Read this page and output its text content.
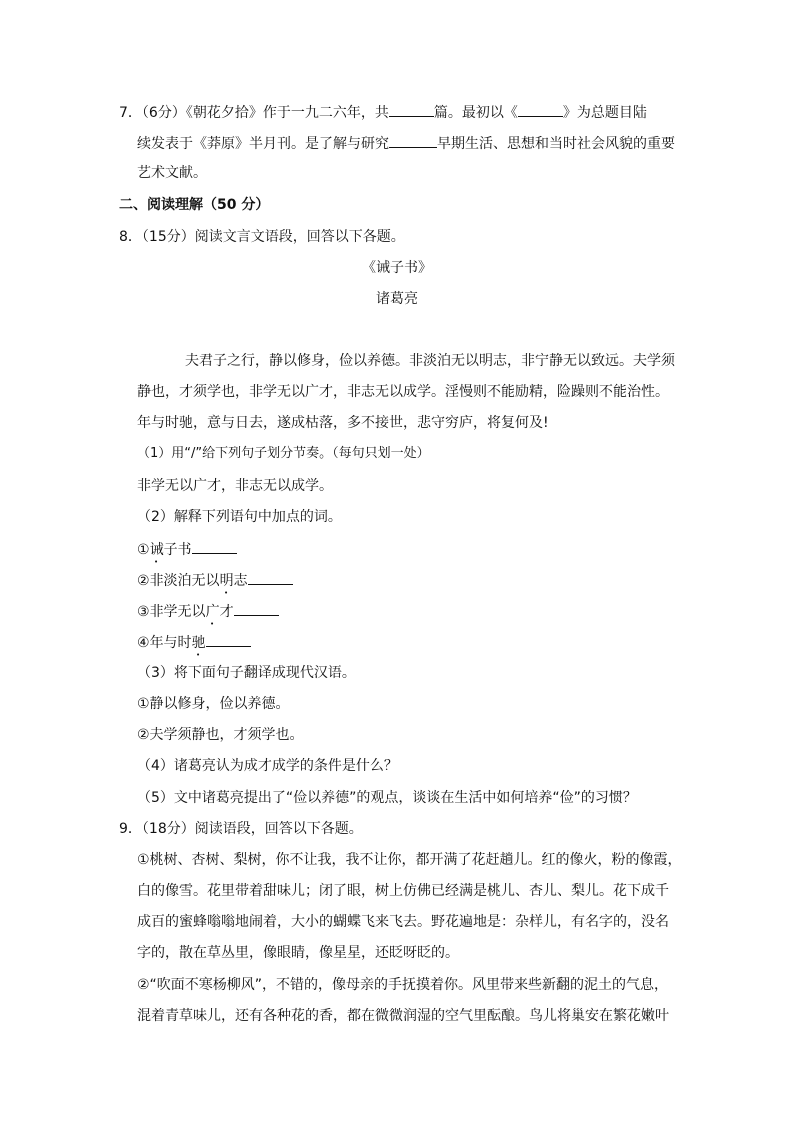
7．（6分）《朝花夕拾》作于一九二六年，共	篇。最初以《	》为总题目陆
续发表于《莽原》半月刊。是了解与研究	早期生活、思想和当时社会风貌的重要
艺术文献。
二、阅读理解（50 分）
8．（15分）阅读文言文语段，回答以下各题。
《诫子书》
诸葛亮
夫君子之行，静以修身，俭以养德。非淡泊无以明志，非宁静无以致远。夫学须
静也，才须学也，非学无以广才，非志无以成学。淫慢则不能励精，险躁则不能治性。
年与时驰，意与日去，遂成枯落，多不接世，悲守穷庐，将复何及!
（1）用“/”给下列句子划分节奏。（每句只划一处）
非学无以广才，非志无以成学。
（2）解释下列语句中加点的词。
①诫子书
②非淡泊无以明志
③非学无以广才
④年与时驰
（3）将下面句子翻译成现代汉语。
①静以修身，俭以养德。
②夫学须静也，才须学也。
（4）诸葛亮认为成才成学的条件是什么？
（5）文中诸葛亮提出了“俭以养德”的观点，谈谈在生活中如何培养“俭”的习惯？
9．（18分）阅读语段，回答以下各题。
①桃树、杏树、梨树，你不让我，我不让你，都开满了花赶趟儿。红的像火，粉的像霞，
白的像雪。花里带着甜味儿；闭了眼，树上仿佛已经满是桃儿、杏儿、梨儿。花下成千
成百的蜜蜂嗡嗡地闹着，大小的蝴蝶飞来飞去。野花遍地是：杂样儿，有名字的，没名
字的，散在草丛里，像眼睛，像星星，还眨呀眨的。
②“吹面不寒杨柳风”，不错的，像母亲的手抚摸着你。风里带来些新翻的泥土的气息，
混着青草味儿，还有各种花的香，都在微微润湿的空气里酝酿。鸟儿将巢安在繁花嫩叶
